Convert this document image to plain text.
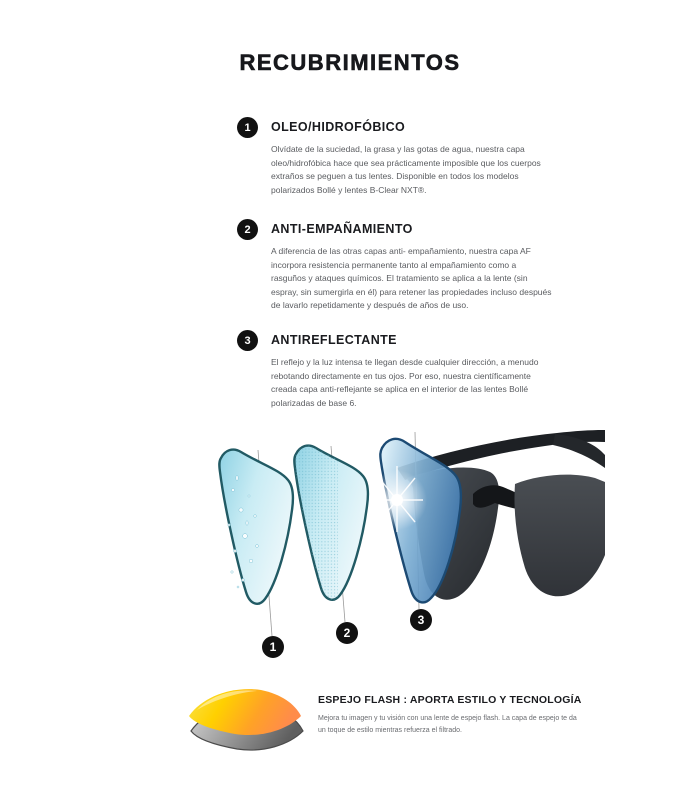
RECUBRIMIENTOS
1	OLEO/HIDROFÓBICO

Olvídate de la suciedad, la grasa y las gotas de agua, nuestra capa oleo/hidrofóbica hace que sea prácticamente imposible que los cuerpos extraños se peguen a tus lentes. Disponible en todos los modelos polarizados Bollé y lentes B-Clear NXT®.

2	ANTI-EMPAÑAMIENTO

A diferencia de las otras capas anti- empañamiento, nuestra capa AF incorpora resistencia permanente tanto al empañamiento como a rasguños y ataques químicos. El tratamiento se aplica a la lente (sin espray, sin sumergirla en él) para retener las propiedades incluso después de lavarlo repetidamente y después de años de uso.

3	ANTIREFLECTANTE

El reflejo y la luz intensa te llegan desde cualquier dirección, a menudo rebotando directamente en tus ojos. Por eso, nuestra científicamente creada capa anti-reflejante se aplica en el interior de las lentes Bollé polarizadas de base 6.

1
2
3
ESPEJO FLASH : APORTA ESTILO Y TECNOLOGÍA

Mejora tu imagen y tu visión con una lente de espejo flash. La capa de espejo te da un toque de estilo mientras refuerza el filtrado.
